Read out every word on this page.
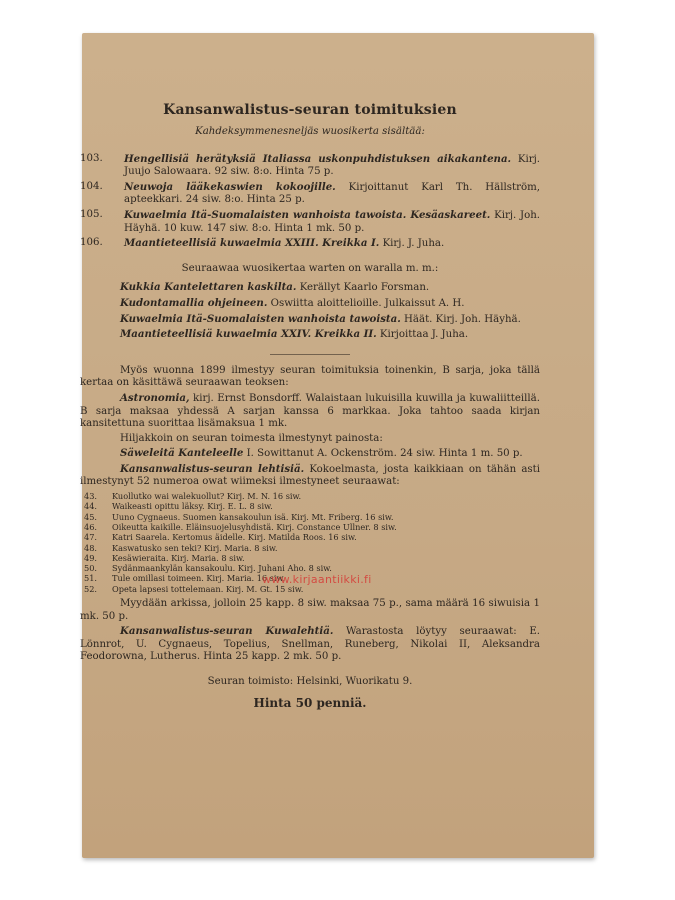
Kansanwalistus-seuran toimituksien
Kahdeksymmenesneljäs wuosikerta sisältää:
103.	Hengellisiä herätyksiä Italiassa uskonpuhdistuksen aikakantena. Kirj. Juujo Salowaara. 92 siw. 8:o. Hinta 75 p.
104.	Neuwoja lääkekaswien kokoojille. Kirjoittanut Karl Th. Hällström, apteekkari. 24 siw. 8:o. Hinta 25 p.
105.	Kuwaelmia Itä-Suomalaisten wanhoista tawoista. Kesäaskareet. Kirj. Joh. Häyhä. 10 kuw. 147 siw. 8:o. Hinta 1 mk. 50 p.
106.	Maantieteellisiä kuwaelmia XXIII. Kreikka I. Kirj. J. Juha.
Seuraawaa wuosikertaa warten on waralla m. m.:
Kukkia Kantelettaren kaskilta. Kerällyt Kaarlo Forsman.
Kudontamallia ohjeineen. Oswiitta aloittelioille. Julkaissut A. H.
Kuwaelmia Itä-Suomalaisten wanhoista tawoista. Häät. Kirj. Joh. Häyhä.
Maantieteellisiä kuwaelmia XXIV. Kreikka II. Kirjoittaa J. Juha.
Myös wuonna 1899 ilmestyy seuran toimituksia toinenkin, B sarja, joka tällä kertaa on käsittäwä seuraawan teoksen:
Astronomia, kirj. Ernst Bonsdorff. Walaistaan lukuisilla kuwilla ja kuwaliitteillä. B sarja maksaa yhdessä A sarjan kanssa 6 markkaa. Joka tahtoo saada kirjan kansitettuna suorittaa lisämaksua 1 mk.
Hiljakkoin on seuran toimesta ilmestynyt painosta:
Säweleitä Kanteleelle I. Sowittanut A. Ockenström. 24 siw. Hinta 1 m. 50 p.
Kansanwalistus-seuran lehtisiä. Kokoelmasta, josta kaikkiaan on tähän asti ilmestynyt 52 numeroa owat wiimeksi ilmestyneet seuraawat:
43.	Kuollutko wai walekuollut? Kirj. M. N. 16 siw.
44.	Waikeasti opittu läksy. Kirj. E. L. 8 siw.
45.	Uuno Cygnaeus. Suomen kansakoulun isä. Kirj. Mt. Friberg. 16 siw.
46.	Oikeutta kaikille. Eläinsuojelusyhdistä. Kirj. Constance Ullner. 8 siw.
47.	Katri Saarela. Kertomus äidelle. Kirj. Matilda Roos. 16 siw.
48.	Kaswatusko sen teki? Kirj. Maria. 8 siw.
49.	Kesäwieraita. Kirj. Maria. 8 siw.
50.	Sydänmaankylän kansakoulu. Kirj. Juhani Aho. 8 siw.
51.	Tule omillasi toimeen. Kirj. Maria. 16 siw.
52.	Opeta lapsesi tottelemaan. Kirj. M. Gt. 15 siw.
Myydään arkissa, jolloin 25 kapp. 8 siw. maksaa 75 p., sama määrä 16 siwuisia 1 mk. 50 p.
Kansanwalistus-seuran Kuwalehtiä. Warastosta löytyy seuraawat: E. Lönnrot, U. Cygnaeus, Topelius, Snellman, Runeberg, Nikolai II, Aleksandra Feodorowna, Lutherus. Hinta 25 kapp. 2 mk. 50 p.
Seuran toimisto: Helsinki, Wuorikatu 9.
Hinta 50 penniä.
www.kirjaantiikki.fi
